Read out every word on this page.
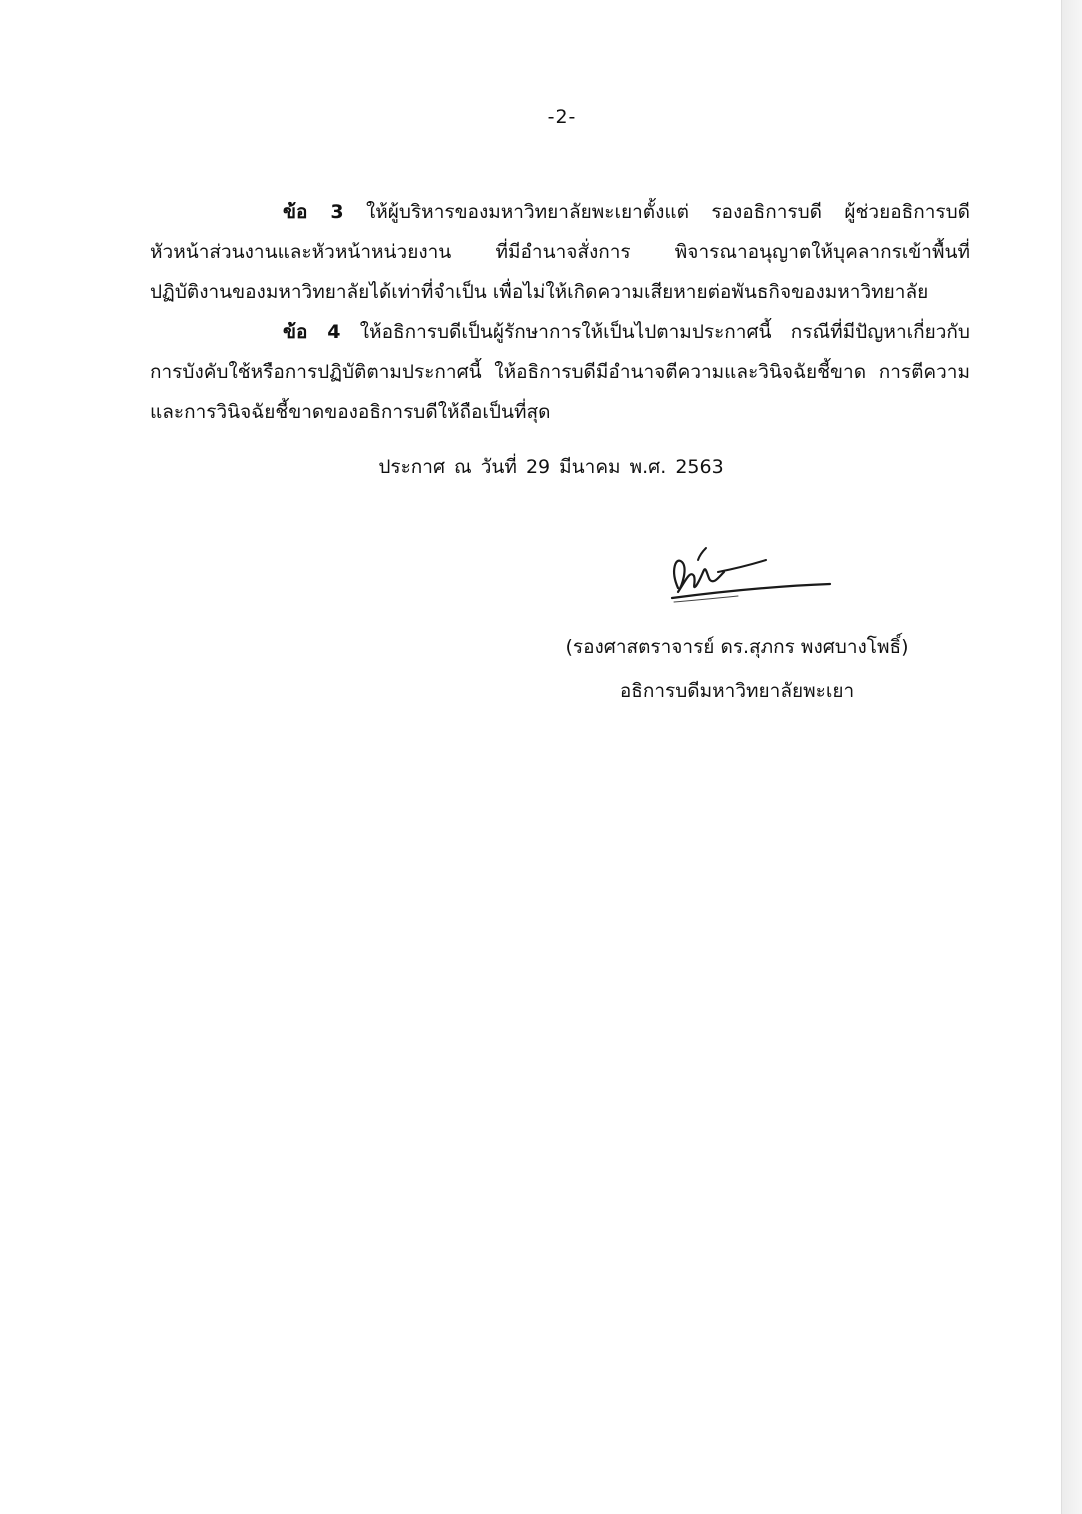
-2-
ข้อ 3 ให้ผู้บริหารของมหาวิทยาลัยพะเยาตั้งแต่ รองอธิการบดี ผู้ช่วยอธิการบดี
หัวหน้าส่วนงานและหัวหน้าหน่วยงาน ที่มีอำนาจสั่งการ พิจารณาอนุญาตให้บุคลากรเข้าพื้นที่
ปฏิบัติงานของมหาวิทยาลัยได้เท่าที่จำเป็น เพื่อไม่ให้เกิดความเสียหายต่อพันธกิจของมหาวิทยาลัย
ข้อ 4 ให้อธิการบดีเป็นผู้รักษาการให้เป็นไปตามประกาศนี้ กรณีที่มีปัญหาเกี่ยวกับ
การบังคับใช้หรือการปฏิบัติตามประกาศนี้ ให้อธิการบดีมีอำนาจตีความและวินิจฉัยชี้ขาด การตีความ
และการวินิจฉัยชี้ขาดของอธิการบดีให้ถือเป็นที่สุด
ประกาศ ณ วันที่ 29 มีนาคม พ.ศ. 2563
(รองศาสตราจารย์ ดร.สุภกร พงศบางโพธิ์)
อธิการบดีมหาวิทยาลัยพะเยา
